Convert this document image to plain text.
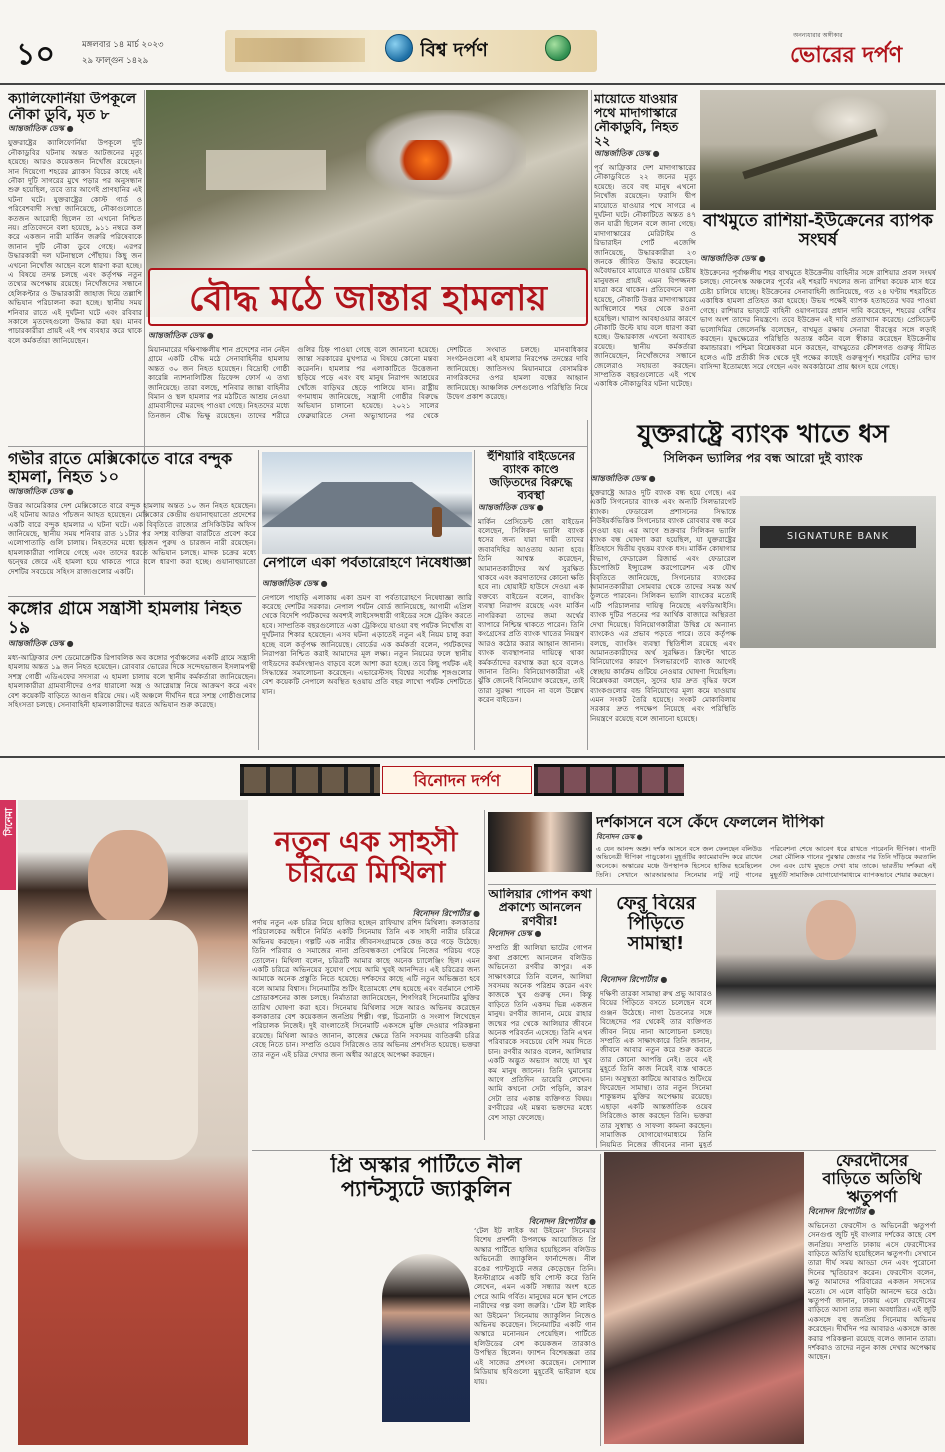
১০	মঙ্গলবার ১৪ মার্চ ২০২৩
২৯ ফাল্গুন ১৪২৯	বিশ্ব দর্পণ
অনন্যধারার অঙ্গীকার
ভোরের দর্পণ
ক্যালিফোর্নিয়া উপকূলে নৌকা ডুবি, মৃত ৮
আন্তর্জাতিক ডেস্ক ●
যুক্তরাষ্ট্রের ক্যালিফোর্নিয়া উপকূলে দুটি নৌকাডুবির ঘটনায় অন্তত আটজনের মৃত্যু হয়েছে। আরও কয়েকজন নিখোঁজ রয়েছেন। সান দিয়েগো শহরের ব্ল্যাকস বিচের কাছে এই নৌকা দুটি সাগরের মুখে পড়ার পর অনুসন্ধান শুরু হয়েছিল, তবে তার আগেই প্রাণহানির এই ঘটনা ঘটে। যুক্তরাষ্ট্রের কোস্ট গার্ড ও পরিবেশবাদী সংস্থা জানিয়েছে, নৌকাগুলোতে কতজন আরোহী ছিলেন তা এখনো নিশ্চিত নয়। প্রতিবেদনে বলা হয়েছে, ৯১১ নম্বরে কল করে একজন নারী মার্কিন জরুরি পরিষেবাকে জানান দুটি নৌকা ডুবে গেছে। এরপর উদ্ধারকারী দল ঘটনাস্থলে পৌঁছায়। কিছু জন এখনো নিখোঁজ আছেন বলে ধারণা করা হচ্ছে। এ বিষয়ে তদন্ত চলছে এবং কর্তৃপক্ষ নতুন তথ্যের অপেক্ষায় রয়েছে। নিখোঁজদের সন্ধানে হেলিকপ্টার ও উদ্ধারকারী জাহাজ দিয়ে তল্লাশি অভিযান পরিচালনা করা হচ্ছে। স্থানীয় সময় শনিবার রাতে এই দুর্ঘটনা ঘটে এবং রবিবার সকালে মৃতদেহগুলো উদ্ধার করা হয়। মানব পাচারকারীরা প্রায়ই এই পথ ব্যবহার করে থাকে বলে কর্মকর্তারা জানিয়েছেন।
বৌদ্ধ মঠে জান্তার হামলায়
আন্তর্জাতিক ডেস্ক ●
মিয়ানমারের দক্ষিণাঞ্চলীয় শান প্রদেশের নান নেইন গ্রামে একটি বৌদ্ধ মঠে সেনাবাহিনীর হামলায় অন্তত ৩০ জন নিহত হয়েছেন। বিদ্রোহী গোষ্ঠী কারেন্নি ন্যাশনালিটিজ ডিফেন্স ফোর্স এ তথ্য জানিয়েছে। তারা বলছে, শনিবার জান্তা বাহিনীর বিমান ও স্থল হামলার পর মঠটিতে আশ্রয় নেওয়া গ্রামবাসীদের মরদেহ পাওয়া গেছে। নিহতদের মধ্যে তিনজন বৌদ্ধ ভিক্ষু রয়েছেন। তাদের শরীরে গুলির চিহ্ন পাওয়া গেছে বলে জানানো হয়েছে। জান্তা সরকারের মুখপাত্র এ বিষয়ে কোনো মন্তব্য করেননি। হামলার পর এলাকাটিতে উত্তেজনা ছড়িয়ে পড়ে এবং বহু মানুষ নিরাপদ আশ্রয়ের খোঁজে বাড়িঘর ছেড়ে পালিয়ে যান। রাষ্ট্রীয় গণমাধ্যম জানিয়েছে, সন্ত্রাসী গোষ্ঠীর বিরুদ্ধে অভিযান চালানো হয়েছে। ২০২১ সালের ফেব্রুয়ারিতে সেনা অভ্যুত্থানের পর থেকে দেশটিতে সংঘাত চলছে। মানবাধিকার সংগঠনগুলো এই হামলার নিরপেক্ষ তদন্তের দাবি জানিয়েছে। জাতিসংঘ মিয়ানমারে বেসামরিক নাগরিকদের ওপর হামলা বন্ধের আহ্বান জানিয়েছে। আঞ্চলিক দেশগুলোও পরিস্থিতি নিয়ে উদ্বেগ প্রকাশ করেছে।
মায়োতে যাওয়ার পথে মাদাগাস্কারে নৌকাডুবি, নিহত ২২
আন্তর্জাতিক ডেস্ক ●
পূর্ব আফ্রিকার দেশ মাদাগাস্কারের নৌকাডুবিতে ২২ জনের মৃত্যু হয়েছে। তবে বহু মানুষ এখনো নিখোঁজ রয়েছেন। ফরাসি দ্বীপ মায়োতে যাওয়ার পথে সাগরে এ দুর্ঘটনা ঘটে। নৌকাটিতে অন্তত ৪৭ জন যাত্রী ছিলেন বলে জানা গেছে। মাদাগাস্কারের মেরিটাইম ও রিভারাইন পোর্ট এজেন্সি জানিয়েছে, উদ্ধারকারীরা ২৩ জনকে জীবিত উদ্ধার করেছেন। অবৈধভাবে মায়োতে যাওয়ার চেষ্টায় মানুষজন প্রায়ই এমন বিপজ্জনক যাত্রা করে থাকেন। প্রতিবেদনে বলা হয়েছে, নৌকাটি উত্তর মাদাগাস্কারের আম্বিলোবে শহর থেকে রওনা হয়েছিল। খারাপ আবহাওয়ার কারণে নৌকাটি উল্টে যায় বলে ধারণা করা হচ্ছে। উদ্ধারকাজ এখনো অব্যাহত রয়েছে। স্থানীয় কর্মকর্তারা জানিয়েছেন, নিখোঁজদের সন্ধানে জেলেরাও সহায়তা করছেন। সাম্প্রতিক বছরগুলোতে এই পথে একাধিক নৌকাডুবির ঘটনা ঘটেছে।
বাখমুতে রাশিয়া-ইউক্রেনের ব্যাপক সংঘর্ষ
আন্তর্জাতিক ডেস্ক ●
ইউক্রেনের পূর্বাঞ্চলীয় শহর বাখমুতে ইউক্রেনীয় বাহিনীর সঙ্গে রাশিয়ার প্রবল সংঘর্ষ চলছে। দোনেৎস্ক অঞ্চলের পূর্বের এই শহরটি দখলের জন্য রাশিয়া কয়েক মাস ধরে চেষ্টা চালিয়ে যাচ্ছে। ইউক্রেনের সেনাবাহিনী জানিয়েছে, গত ২৪ ঘণ্টায় শহরটিতে একাধিক হামলা প্রতিহত করা হয়েছে। উভয় পক্ষেই ব্যাপক হতাহতের খবর পাওয়া গেছে। রাশিয়ার ভাড়াটে বাহিনী ওয়াগনারের প্রধান দাবি করেছেন, শহরের বেশির ভাগ অংশ তাদের নিয়ন্ত্রণে। তবে ইউক্রেন এই দাবি প্রত্যাখ্যান করেছে। প্রেসিডেন্ট ভলোদিমির জেলেনস্কি বলেছেন, বাখমুত রক্ষায় সেনারা বীরত্বের সঙ্গে লড়াই করছেন। যুদ্ধক্ষেত্রের পরিস্থিতি অত্যন্ত কঠিন বলে স্বীকার করেছেন ইউক্রেনীয় কমান্ডাররা। পশ্চিমা বিশ্লেষকরা মনে করছেন, বাখমুতের কৌশলগত গুরুত্ব সীমিত হলেও এটি প্রতীকী দিক থেকে দুই পক্ষের কাছেই গুরুত্বপূর্ণ। শহরটির বেশির ভাগ বাসিন্দা ইতোমধ্যে সরে গেছেন এবং অবকাঠামো প্রায় ধ্বংস হয়ে গেছে।
গভীর রাতে মেক্সিকোতে বারে বন্দুক হামলা, নিহত ১০
আন্তর্জাতিক ডেস্ক ●
উত্তর আমেরিকার দেশ মেক্সিকোতে বারে বন্দুক হামলায় অন্তত ১০ জন নিহত হয়েছেন। এই ঘটনায় আরও পাঁচজন আহত হয়েছেন। মেক্সিকোর কেন্দ্রীয় গুয়ানাহুয়াতো প্রদেশের একটি বারে বন্দুক হামলার এ ঘটনা ঘটে। এক বিবৃতিতে রাজ্যের প্রসিকিউটর অফিস জানিয়েছে, স্থানীয় সময় শনিবার রাত ১১টার পর সশস্ত্র ব্যক্তিরা বারটিতে প্রবেশ করে এলোপাতাড়ি গুলি চালায়। নিহতদের মধ্যে ছয়জন পুরুষ ও চারজন নারী রয়েছেন। হামলাকারীরা পালিয়ে গেছে এবং তাদের ধরতে অভিযান চলছে। মাদক চক্রের মধ্যে দ্বন্দ্বের জেরে এই হামলা হয়ে থাকতে পারে বলে ধারণা করা হচ্ছে। গুয়ানাহুয়াতো দেশটির সবচেয়ে সহিংস রাজ্যগুলোর একটি।
কঙ্গোর গ্রামে সন্ত্রাসী হামলায় নিহত ১৯
আন্তর্জাতিক ডেস্ক ●
মধ্য-আফ্রিকার দেশ ডেমোক্রেটিক রিপাবলিক অব কঙ্গোর পূর্বাঞ্চলের একটি গ্রামে সন্ত্রাসী হামলায় অন্তত ১৯ জন নিহত হয়েছেন। রোববার ভোরের দিকে সন্দেহভাজন ইসলামপন্থী সশস্ত্র গোষ্ঠী এডিএফের সদস্যরা এ হামলা চালায় বলে স্থানীয় কর্মকর্তারা জানিয়েছেন। হামলাকারীরা গ্রামবাসীদের ওপর ধারালো অস্ত্র ও আগ্নেয়াস্ত্র নিয়ে আক্রমণ করে এবং বেশ কয়েকটি বাড়িতে আগুন ধরিয়ে দেয়। এই অঞ্চলে দীর্ঘদিন ধরে সশস্ত্র গোষ্ঠীগুলোর সহিংসতা চলছে। সেনাবাহিনী হামলাকারীদের ধরতে অভিযান শুরু করেছে।
নেপালে একা পর্বতারোহণে নিষেধাজ্ঞা
আন্তর্জাতিক ডেস্ক ●
নেপালে পাহাড়ি এলাকায় একা ভ্রমণ বা পর্বতারোহণে নিষেধাজ্ঞা জারি করেছে দেশটির সরকার। নেপাল পর্যটন বোর্ড জানিয়েছে, আগামী এপ্রিল থেকে বিদেশি পর্যটকদের অবশ্যই লাইসেন্সধারী গাইডের সঙ্গে ট্রেকিং করতে হবে। সাম্প্রতিক বছরগুলোতে একা ট্রেকিংয়ে যাওয়া বহু পর্যটক নিখোঁজ বা দুর্ঘটনার শিকার হয়েছেন। এসব ঘটনা এড়াতেই নতুন এই নিয়ম চালু করা হচ্ছে বলে কর্তৃপক্ষ জানিয়েছে। বোর্ডের এক কর্মকর্তা বলেন, পর্যটকদের নিরাপত্তা নিশ্চিত করাই আমাদের মূল লক্ষ্য। নতুন নিয়মের ফলে স্থানীয় গাইডদের কর্মসংস্থানও বাড়বে বলে আশা করা হচ্ছে। তবে কিছু পর্যটক এই সিদ্ধান্তের সমালোচনা করেছেন। এভারেস্টসহ বিশ্বের সর্বোচ্চ শৃঙ্গগুলোর বেশ কয়েকটি নেপালে অবস্থিত হওয়ায় প্রতি বছর লাখো পর্যটক দেশটিতে যান।
হুঁশিয়ারি বাইডেনের ব্যাংক কাণ্ডে জড়িতদের বিরুদ্ধে ব্যবস্থা
আন্তর্জাতিক ডেস্ক ●
মার্কিন প্রেসিডেন্ট জো বাইডেন বলেছেন, সিলিকন ভ্যালি ব্যাংক ধসের জন্য যারা দায়ী তাদের জবাবদিহির আওতায় আনা হবে। তিনি আশ্বস্ত করেছেন, আমানতকারীদের অর্থ সুরক্ষিত থাকবে এবং করদাতাদের কোনো ক্ষতি হবে না। হোয়াইট হাউসে দেওয়া এক বক্তব্যে বাইডেন বলেন, ব্যাংকিং ব্যবস্থা নিরাপদ রয়েছে এবং মার্কিন নাগরিকরা তাদের জমা অর্থের ব্যাপারে নিশ্চিন্ত থাকতে পারেন। তিনি কংগ্রেসের প্রতি ব্যাংক খাতের নিয়ন্ত্রণ আরও কঠোর করার আহ্বান জানান। ব্যাংক ব্যবস্থাপনার দায়িত্বে থাকা কর্মকর্তাদের বরখাস্ত করা হবে বলেও জানান তিনি। বিনিয়োগকারীরা এই ঝুঁকি জেনেই বিনিয়োগ করেছেন, তাই তারা সুরক্ষা পাবেন না বলে উল্লেখ করেন বাইডেন।
যুক্তরাষ্ট্রে ব্যাংক খাতে ধস
সিলিকন ভ্যালির পর বন্ধ আরো দুই ব্যাংক
আন্তর্জাতিক ডেস্ক ●
SIGNATURE BANK
যুক্তরাষ্ট্রে আরও দুটি ব্যাংক বন্ধ হয়ে গেছে। এর একটি সিগনেচার ব্যাংক এবং অন্যটি সিলভারগেট ব্যাংক। ফেডারেল প্রশাসনের সিদ্ধান্তে নিউইয়র্কভিত্তিক সিগনেচার ব্যাংক রোববার বন্ধ করে দেওয়া হয়। এর আগে শুক্রবার সিলিকন ভ্যালি ব্যাংক বন্ধ ঘোষণা করা হয়েছিল, যা যুক্তরাষ্ট্রের ইতিহাসে দ্বিতীয় বৃহত্তম ব্যাংক ধস। মার্কিন কোষাগার বিভাগ, ফেডারেল রিজার্ভ এবং ফেডারেল ডিপোজিট ইন্স্যুরেন্স করপোরেশন এক যৌথ বিবৃতিতে জানিয়েছে, সিগনেচার ব্যাংকের আমানতকারীরা সোমবার থেকে তাদের সমস্ত অর্থ তুলতে পারবেন। সিলিকন ভ্যালি ব্যাংকের মতোই এটি পরিচালনার দায়িত্ব নিয়েছে এফডিআইসি। ব্যাংক দুটির পতনের পর আর্থিক বাজারে অস্থিরতা দেখা দিয়েছে। বিনিয়োগকারীরা উদ্বিগ্ন যে অন্যান্য ব্যাংকেও এর প্রভাব পড়তে পারে। তবে কর্তৃপক্ষ বলছে, ব্যাংকিং ব্যবস্থা স্থিতিশীল রয়েছে এবং আমানতকারীদের অর্থ সুরক্ষিত। ক্রিপ্টো খাতে বিনিয়োগের কারণে সিলভারগেট ব্যাংক আগেই স্বেচ্ছায় কার্যক্রম গুটিয়ে নেওয়ার ঘোষণা দিয়েছিল। বিশ্লেষকরা বলছেন, সুদের হার দ্রুত বৃদ্ধির ফলে ব্যাংকগুলোর বন্ড বিনিয়োগের মূল্য কমে যাওয়ায় এমন সংকট তৈরি হয়েছে। সংকট মোকাবিলায় সরকার দ্রুত পদক্ষেপ নিয়েছে এবং পরিস্থিতি নিয়ন্ত্রণে রয়েছে বলে জানানো হয়েছে।
বিনোদন দর্পণ
সিনেমা
নতুন এক সাহসী
চরিত্রে মিথিলা
বিনোদন রিপোর্টার ●
পর্দায় নতুন এক চরিত্র নিয়ে হাজির হচ্ছেন রাফিয়াথ রশিদ মিথিলা। কলকাতার পরিচালকের অধীনে নির্মিত একটি সিনেমায় তিনি এক সাহসী নারীর চরিত্রে অভিনয় করছেন। গল্পটি এক নারীর জীবনসংগ্রামকে কেন্দ্র করে গড়ে উঠেছে। তিনি পরিবার ও সমাজের নানা প্রতিবন্ধকতা পেরিয়ে নিজের পরিচয় গড়ে তোলেন। মিথিলা বলেন, চরিত্রটি আমার কাছে অনেক চ্যালেঞ্জিং ছিল। এমন একটি চরিত্রে অভিনয়ের সুযোগ পেয়ে আমি খুবই আনন্দিত। এই চরিত্রের জন্য আমাকে অনেক প্রস্তুতি নিতে হয়েছে। দর্শকদের কাছে এটি নতুন অভিজ্ঞতা হবে বলে আমার বিশ্বাস। সিনেমাটির শুটিং ইতোমধ্যে শেষ হয়েছে এবং বর্তমানে পোস্ট প্রোডাকশনের কাজ চলছে। নির্মাতারা জানিয়েছেন, শিগগিরই সিনেমাটির মুক্তির তারিখ ঘোষণা করা হবে। সিনেমায় মিথিলার সঙ্গে আরও অভিনয় করেছেন কলকাতার বেশ কয়েকজন জনপ্রিয় শিল্পী। গল্প, চিত্রনাট্য ও সংলাপ লিখেছেন পরিচালক নিজেই। দুই বাংলাতেই সিনেমাটি একসঙ্গে মুক্তি দেওয়ার পরিকল্পনা রয়েছে। মিথিলা আরও জানান, কাজের ক্ষেত্রে তিনি সবসময় ব্যতিক্রমী চরিত্র বেছে নিতে চান। সম্প্রতি ওয়েব সিরিজেও তার অভিনয় প্রশংসিত হয়েছে। ভক্তরা তার নতুন এই চরিত্র দেখার জন্য অধীর আগ্রহে অপেক্ষা করছেন।
দর্শকাসনে বসে কেঁদে ফেললেন দীপিকা
বিনোদন ডেস্ক ●
এ যেন আনন্দ অশ্রু। দর্শক আসনে বসে জল ফেলছেন বলিউড অভিনেত্রী দীপিকা পাড়ুকোন। মুহূর্তটির ক্যামেরাবন্দি করে রাখেন অনেকে। অস্কারের মঞ্চে উপস্থাপক হিসেবে হাজির হয়েছিলেন তিনি। সেখানে আরআরআর সিনেমার নাটু নাটু গানের পরিবেশনা শেষে আবেগ ধরে রাখতে পারেননি দীপিকা। গানটি সেরা মৌলিক গানের পুরস্কার জেতার পর তিনি দাঁড়িয়ে করতালি দেন এবং চোখ মুছতে দেখা যায় তাকে। ভারতীয় দর্শকরা এই মুহূর্তটি সামাজিক যোগাযোগমাধ্যমে ব্যাপকভাবে শেয়ার করছেন।
আলিয়ার গোপন কথা প্রকাশ্যে আনলেন রণবীর!
বিনোদন ডেস্ক ●
সম্প্রতি স্ত্রী আলিয়া ভাটের গোপন কথা প্রকাশ্যে আনলেন বলিউড অভিনেতা রণবীর কাপুর। এক সাক্ষাৎকারে তিনি বলেন, আলিয়া সবসময় অনেক পরিশ্রম করেন এবং কাজকে খুব গুরুত্ব দেন। কিন্তু বাড়িতে তিনি একদম ভিন্ন একজন মানুষ। রণবীর জানান, মেয়ে রাহার জন্মের পর থেকে আলিয়ার জীবনে অনেক পরিবর্তন এসেছে। তিনি এখন পরিবারকে সবচেয়ে বেশি সময় দিতে চান। রণবীর আরও বলেন, আলিয়ার একটি অদ্ভুত অভ্যাস আছে যা খুব কম মানুষ জানেন। তিনি ঘুমানোর আগে প্রতিদিন ডায়েরি লেখেন। আমি কখনো সেটা পড়িনি, কারণ সেটা তার একান্ত ব্যক্তিগত বিষয়। রণবীরের এই মন্তব্য ভক্তদের মধ্যে বেশ সাড়া ফেলেছে।
ফের বিয়ের
পিঁড়িতে
সামান্থা!
বিনোদন রিপোর্টার ●
দক্ষিণী তারকা সামান্থা রুথ প্রভু আবারও বিয়ের পিঁড়িতে বসতে চলেছেন বলে গুঞ্জন উঠেছে। নাগা চৈতন্যের সঙ্গে বিচ্ছেদের পর থেকেই তার ব্যক্তিগত জীবন নিয়ে নানা আলোচনা চলছে। সম্প্রতি এক সাক্ষাৎকারে তিনি জানান, জীবনে আবার নতুন করে শুরু করতে তার কোনো আপত্তি নেই। তবে এই মুহূর্তে তিনি কাজ নিয়েই ব্যস্ত থাকতে চান। অসুস্থতা কাটিয়ে আবারও শুটিংয়ে ফিরেছেন সামান্থা। তার নতুন সিনেমা শাকুন্তলম মুক্তির অপেক্ষায় রয়েছে। এছাড়া একটি আন্তর্জাতিক ওয়েব সিরিজেও কাজ করছেন তিনি। ভক্তরা তার সুস্বাস্থ্য ও সাফল্য কামনা করছেন। সামাজিক যোগাযোগমাধ্যমে তিনি নিয়মিত নিজের জীবনের নানা মুহূর্ত
প্রি অস্কার পার্টিতে নীল
প্যান্টস্যুটে জ্যাকুলিন
বিনোদন রিপোর্টার ●
‘টেল ইট লাইক আ উইমেন’ সিনেমার বিশেষ প্রদর্শনী উপলক্ষে আয়োজিত প্রি অস্কার পার্টিতে হাজির হয়েছিলেন বলিউড অভিনেত্রী জ্যাকুলিন ফার্নান্দেজ। নীল রঙের প্যান্টস্যুটে নজর কেড়েছেন তিনি। ইনস্টাগ্রামে একটি ছবি পোস্ট করে তিনি লেখেন, এমন একটি সন্ধ্যার অংশ হতে পেরে আমি গর্বিত। মানুষের মনে স্থান পেতে নারীদের গল্প বলা জরুরি। ‘টেল ইট লাইক আ উইমেন’ সিনেমায় জ্যাকুলিন নিজেও অভিনয় করেছেন। সিনেমাটির একটি গান অস্কারে মনোনয়ন পেয়েছিল। পার্টিতে হলিউডের বেশ কয়েকজন তারকাও উপস্থিত ছিলেন। ফ্যাশন বিশেষজ্ঞরা তার এই সাজের প্রশংসা করেছেন। সোশ্যাল মিডিয়ায় ছবিগুলো মুহূর্তেই ভাইরাল হয়ে যায়।
ফেরদৌসের
বাড়িতে অতিথি
ঋতুপর্ণা
বিনোদন রিপোর্টার ●
অভিনেতা ফেরদৌস ও অভিনেত্রী ঋতুপর্ণা সেনগুপ্ত জুটি দুই বাংলার দর্শকের কাছে বেশ জনপ্রিয়। সম্প্রতি ঢাকায় এসে ফেরদৌসের বাড়িতে অতিথি হয়েছিলেন ঋতুপর্ণা। সেখানে তারা দীর্ঘ সময় আড্ডা দেন এবং পুরোনো দিনের স্মৃতিচারণ করেন। ফেরদৌস বলেন, ঋতু আমাদের পরিবারের একজন সদস্যের মতো। সে এলে বাড়িটা আনন্দে ভরে ওঠে। ঋতুপর্ণা জানান, ঢাকায় এলে ফেরদৌসের বাড়িতে আসা তার জন্য অবধারিত। এই জুটি একসঙ্গে বহু জনপ্রিয় সিনেমায় অভিনয় করেছেন। দীর্ঘদিন পর আবারও একসঙ্গে কাজ করার পরিকল্পনা রয়েছে বলেও জানান তারা। দর্শকরাও তাদের নতুন কাজ দেখার অপেক্ষায় আছেন।
